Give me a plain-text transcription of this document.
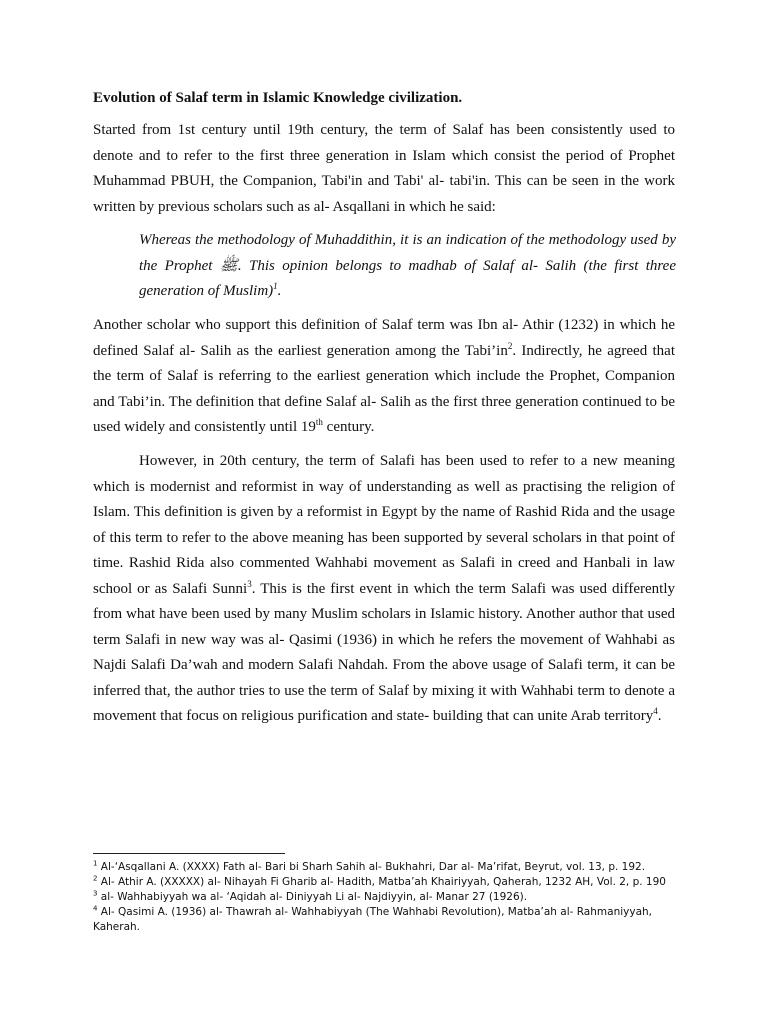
Evolution of Salaf term in Islamic Knowledge civilization.
Started from 1st century until 19th century, the term of Salaf has been consistently used to denote and to refer to the first three generation in Islam which consist the period of Prophet Muhammad PBUH, the Companion, Tabi'in and Tabi' al- tabi'in. This can be seen in the work written by previous scholars such as al- Asqallani in which he said:
Whereas the methodology of Muhaddithin, it is an indication of the methodology used by the Prophet ﷺ. This opinion belongs to madhab of Salaf al- Salih (the first three generation of Muslim)$^1$.
Another scholar who support this definition of Salaf term was Ibn al- Athir (1232) in which he defined Salaf al- Salih as the earliest generation among the $Tabi’in^2$. Indirectly, he agreed that the term of Salaf is referring to the earliest generation which include the Prophet, Companion and Tabi’in. The definition that define Salaf al- Salih as the first three generation continued to be used widely and consistently until 19th century.
However, in 20th century, the term of Salafi has been used to refer to a new meaning which is modernist and reformist in way of understanding as well as practising the religion of Islam. This definition is given by a reformist in Egypt by the name of Rashid Rida and the usage of this term to refer to the above meaning has been supported by several scholars in that point of time. Rashid Rida also commented Wahhabi movement as Salafi in creed and Hanbali in law school or as Salafi Sunni$^3$. This is the first event in which the term Salafi was used differently from what have been used by many Muslim scholars in Islamic history. Another author that used term Salafi in new way was al- Qasimi (1936) in which he refers the movement of Wahhabi as Najdi Salafi Da’wah and modern Salafi Nahdah. From the above usage of Salafi term, it can be inferred that, the author tries to use the term of Salaf by mixing it with Wahhabi term to denote a movement that focus on religious purification and state- building that can unite Arab territory$^4$.
$^1$ Al-‘Asqallani A. (XXXX) Fath al- Bari bi Sharh Sahih al- Bukhahri, Dar al- Ma’rifat, Beyrut, vol. 13, p. 192.
$^2$ Al- Athir A. (XXXXX) al- Nihayah Fi Gharib al- Hadith, Matba’ah Khairiyyah, Qaherah, 1232 AH, Vol. 2, p. 190
$^3$ al- Wahhabiyyah wa al- ‘Aqidah al- Diniyyah Li al- Najdiyyin, al- Manar 27 (1926).
$^4$ Al- Qasimi A. (1936) al- Thawrah al- Wahhabiyyah (The Wahhabi Revolution), Matba’ah al- Rahmaniyyah, Kaherah.
